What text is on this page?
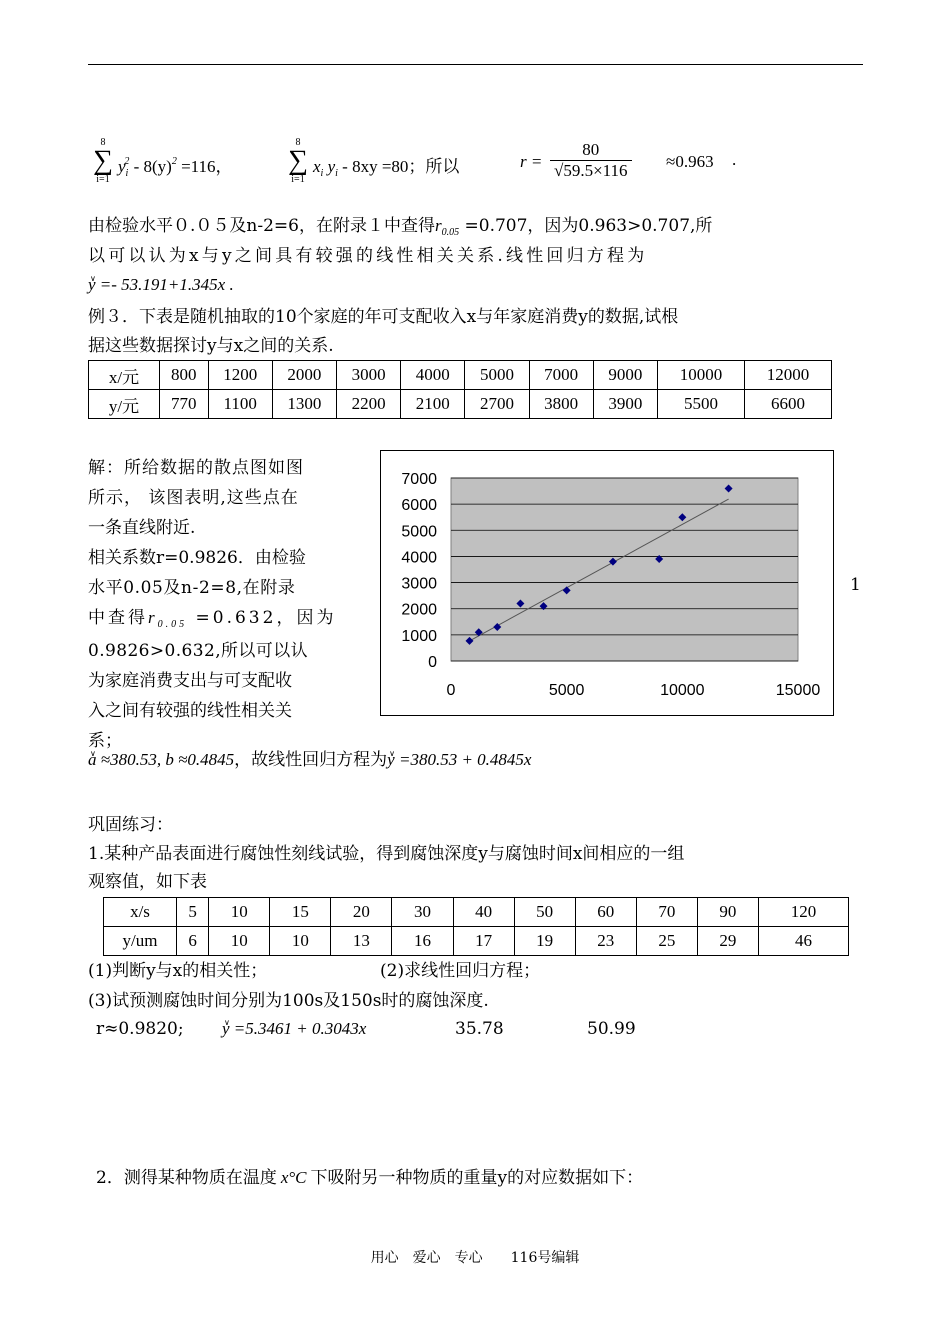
8
∑
i=1
$y_i^2 - 8(y)^2 =116$，
8
∑
i=1
$x_i$ $y_i - 8xy =80$；所以	$r = \frac{80}{√59.5\times 116} \approx 0.963$ .
由检验水平０.０５及n-2=6，在附录１中查得$r_{0.05} =0.707$，因为0.963>0.707,所
以可以认为x与y之间具有较强的线性相关关系.线性回归方程为
∨ y =- 53.191+1.345x .
例３．下表是随机抽取的10个家庭的年可支配收入x与年家庭消费y的数据,试根
据这些数据探讨y与x之间的关系.
x/元	800	1200	2000	3000	4000	5000	7000	9000	10000	12000
y/元	770	1100	1300	2200	2100	2700	3800	3900	5500	6600
解：所给数据的散点图如图
所示， 该图表明,这些点在
一条直线附近.
相关系数r=0.9826．由检验
水平0.05及n-2=8,在附录
中查得$r_{0.05} =0.632$，因为
0.9826>0.632,所以可以认
为家庭消费支出与可支配收
入之间有较强的线性相关关
系；
0
1000
2000
3000
4000
5000
6000
7000
0	5000	10000	15000
1
∨ a ≈380.53, b ≈0.4845，故线性回归方程为∨ y =380.53 + 0.4845x
巩固练习：
1.某种产品表面进行腐蚀性刻线试验，得到腐蚀深度y与腐蚀时间x间相应的一组
观察值，如下表
x/s	5	10	15	20	30	40	50	60	70	90	120
y/um	6	10	10	13	16	17	19	23	25	29	46
(1)判断y与x的相关性；	(2)求线性回归方程；
(3)试预测腐蚀时间分别为100s及150s时的腐蚀深度.
r≈0.9820; ∨ y =5.3461 + 0.3043x	35.78	50.99
2．测得某种物质在温度 x°C 下吸附另一种物质的重量y的对应数据如下：
用心　爱心　专心　　116号编辑
